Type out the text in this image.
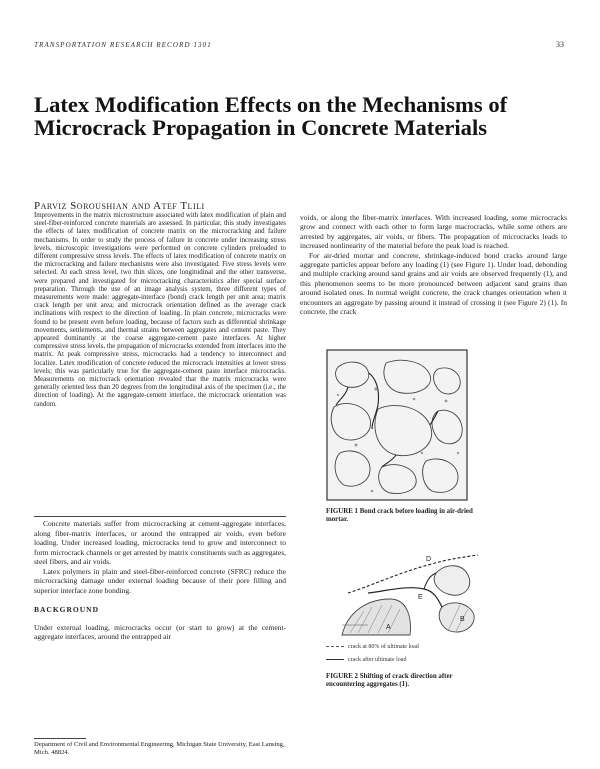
TRANSPORTATION RESEARCH RECORD 1301	33
Latex Modification Effects on the Mechanisms of Microcrack Propagation in Concrete Materials
Parviz Soroushian and Atef Tlili

Improvements in the matrix microstructure associated with latex modification of plain and steel-fiber-reinforced concrete materials are assessed. In particular, this study investigates the effects of latex modification of concrete matrix on the microcracking and failure mechanisms. In order to study the process of failure in concrete under increasing stress levels, microscopic investigations were performed on concrete cylinders preloaded to different compressive stress levels. The effects of latex modification of concrete matrix on the microcracking and failure mechanisms were also investigated. Five stress levels were selected. At each stress level, two thin slices, one longitudinal and the other transverse, were prepared and investigated for microcracking characteristics after special surface preparation. Through the use of an image analysis system, three different types of measurements were made: aggregate-interface (bond) crack length per unit area; matrix crack length per unit area; and microcrack orientation defined as the average crack inclinations with respect to the direction of loading. In plain concrete, microcracks were found to be present even before loading, because of factors such as differential shrinkage movements, settlements, and thermal strains between aggregates and cement paste. They appeared dominantly at the coarse aggregate-cement paste interfaces. At higher compressive stress levels, the propagation of microcracks extended from interfaces into the matrix. At peak compressive stress, microcracks had a tendency to interconnect and localize. Latex modification of concrete reduced the microcrack intensities at lower stress levels; this was particularly true for the aggregate-cement paste interface microcracks. Measurements on microcrack orientation revealed that the matrix microcracks were generally oriented less than 20 degrees from the longitudinal axis of the specimen (i.e., the direction of loading). At the aggregate-cement interface, the microcrack orientation was random.

Concrete materials suffer from microcracking at cement-aggregate interfaces, along fiber-matrix interfaces, or around the entrapped air voids, even before loading. Under increased loading, microcracks tend to grow and interconnect to form microcrack channels or get arrested by matrix constituents such as aggregates, steel fibers, and air voids.

Latex polymers in plain and steel-fiber-reinforced concrete (SFRC) reduce the microcracking damage under external loading because of their pore filling and superior interface zone bonding.

BACKGROUND

Under external loading, microcracks occur (or start to grow) at the cement-aggregate interfaces, around the entrapped air

Department of Civil and Environmental Engineering, Michigan State University, East Lansing, Mich. 48824.

voids, or along the fiber-matrix interfaces. With increased loading, some microcracks grow and connect with each other to form large macrocracks, while some others are arrested by aggregates, air voids, or fibers. The propagation of microcracks leads to increased nonlinearity of the material before the peak load is reached.

For air-dried mortar and concrete, shrinkage-induced bond cracks around large aggregate particles appear before any loading (1) (see Figure 1). Under load, debonding and multiple cracking around sand grains and air voids are observed frequently (1), and this phenomenon seems to be more pronounced between adjacent sand grains than around isolated ones. In normal weight concrete, the crack changes orientation when it encounters an aggregate by passing around it instead of crossing it (see Figure 2) (1). In concrete, the crack

FIGURE 1 Bond crack before loading in air-dried mortar.
D
E
B
A
crack at 80% of ultimate load
crack after ultimate load
FIGURE 2 Shifting of crack direction after encountering aggregates (1).
